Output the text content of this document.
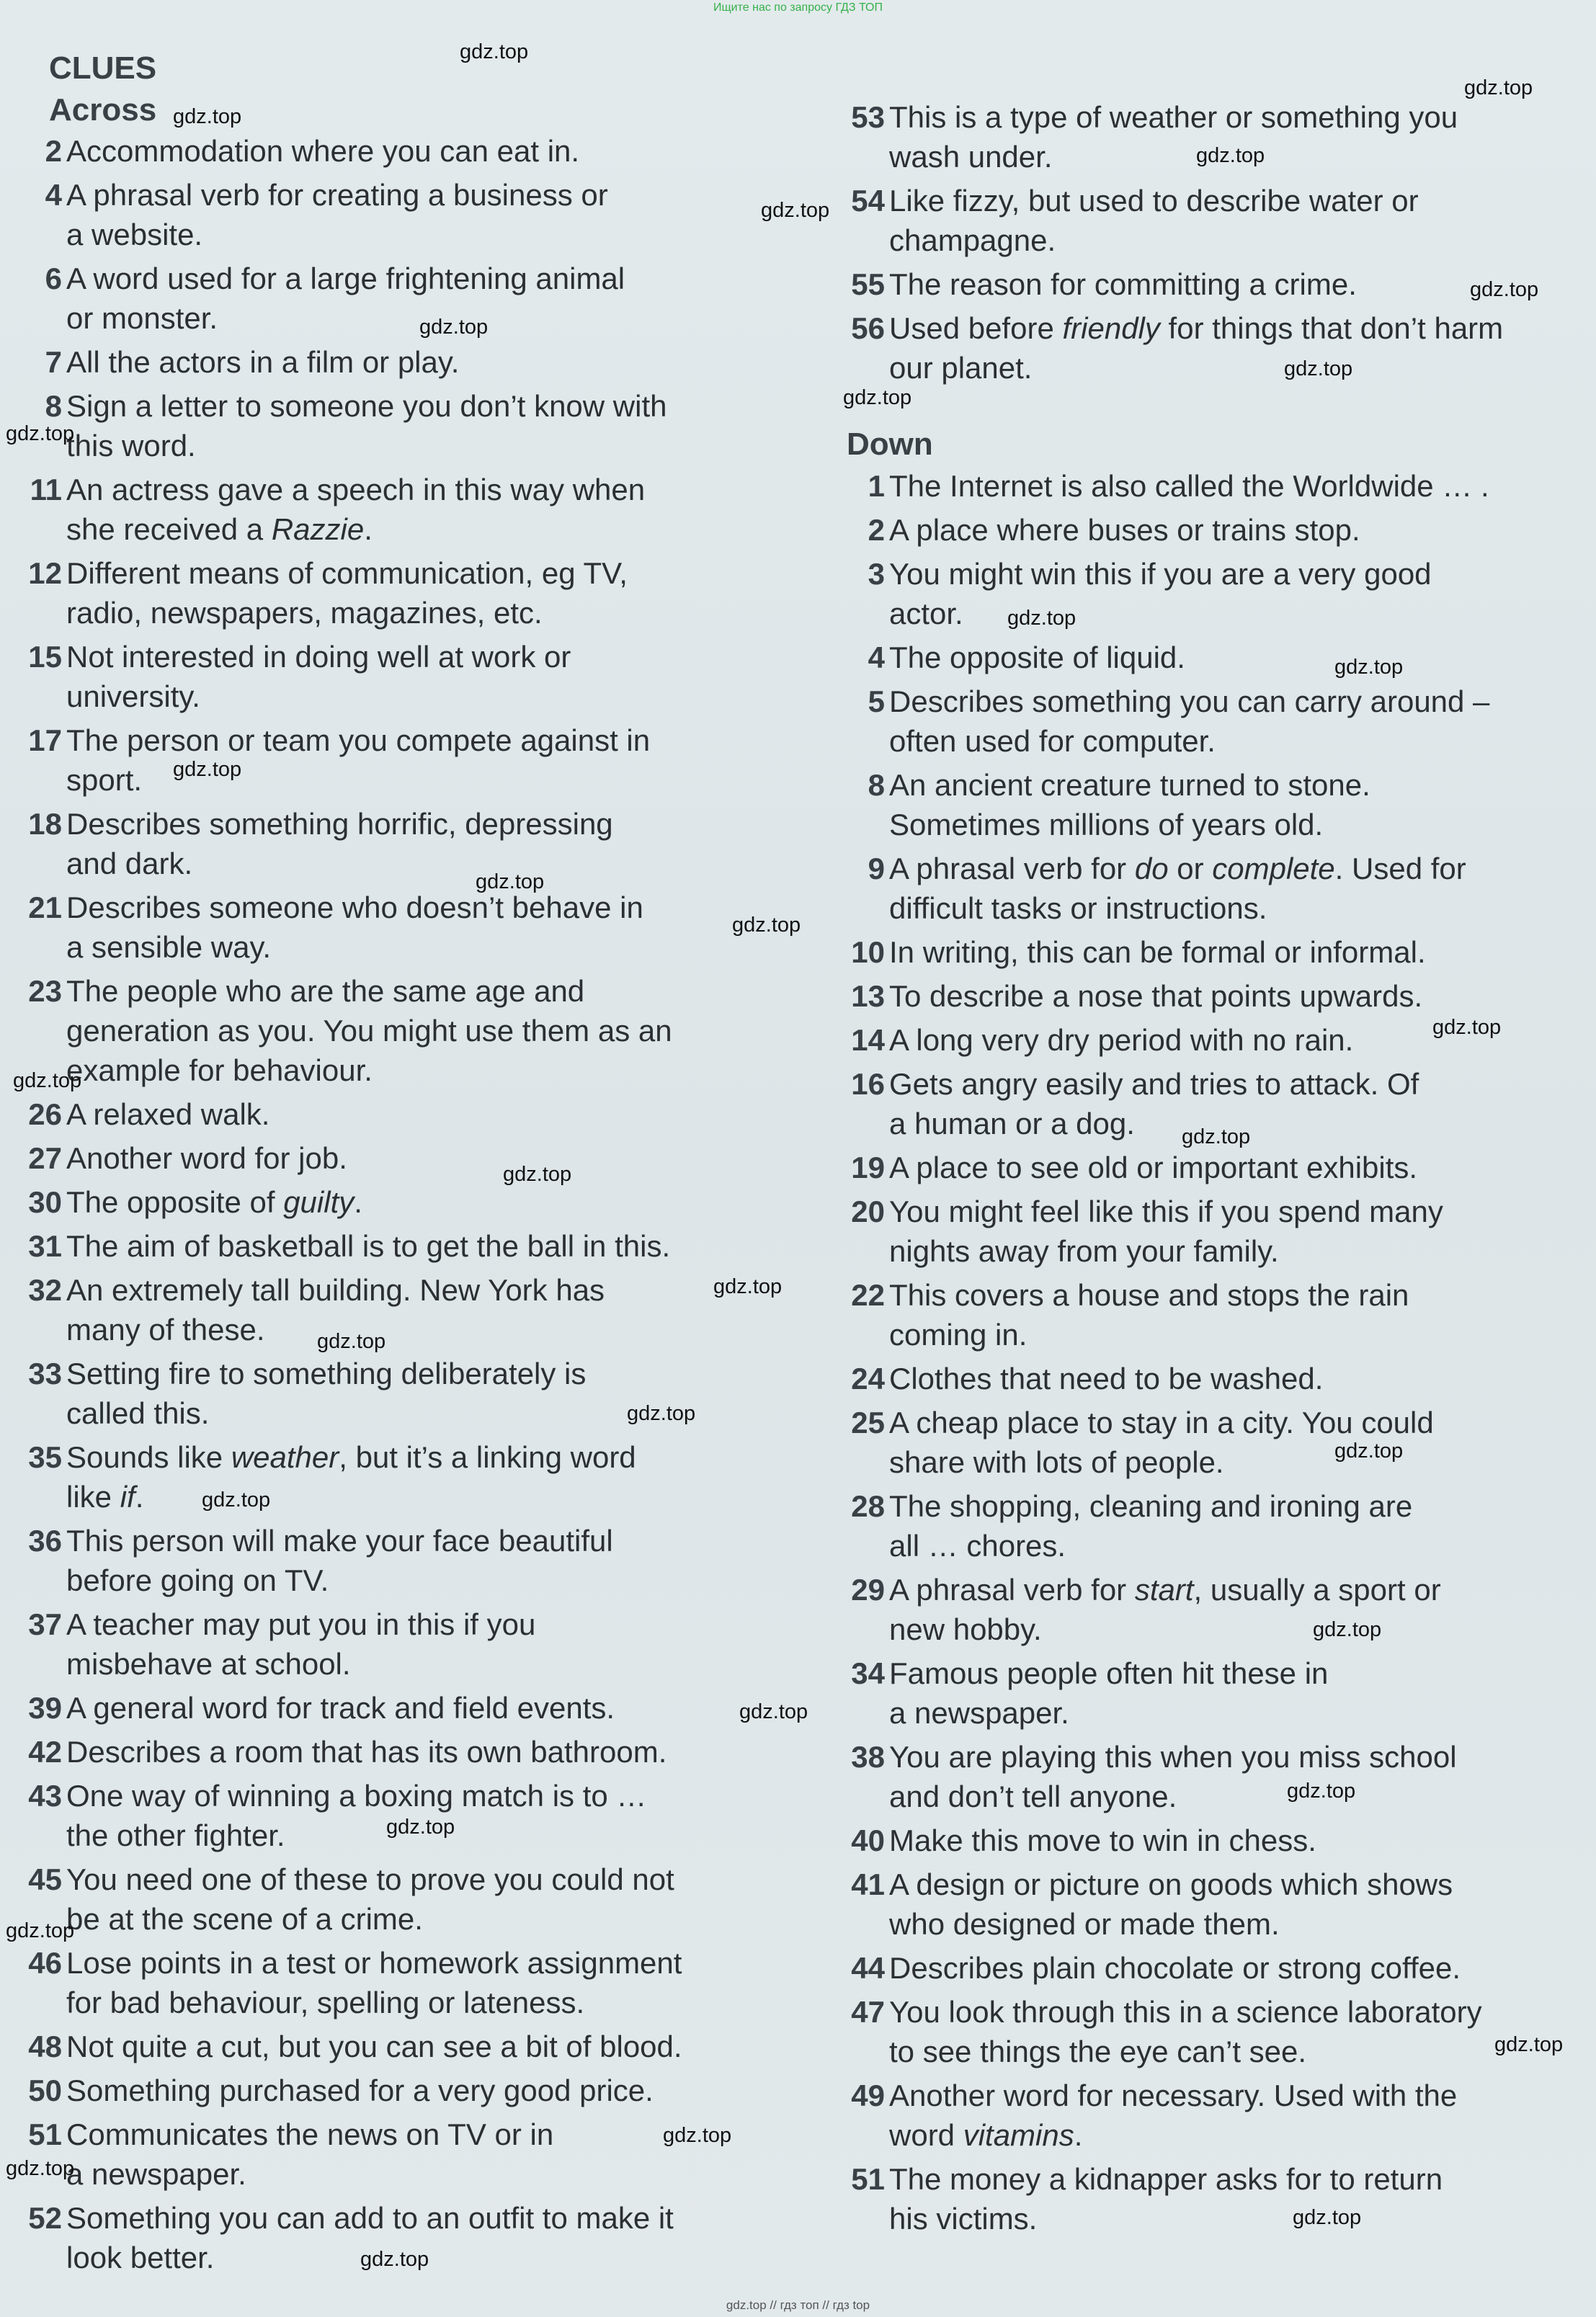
Ищите нас по запросу ГДЗ ТОП
CLUES
Across
Down
2 Accommodation where you can eat in.
4 A phrasal verb for creating a business or
a website.
6 A word used for a large frightening animal
or monster.
7 All the actors in a film or play.
8 Sign a letter to someone you don’t know with
this word.
11 An actress gave a speech in this way when
she received a Razzie.
12 Different means of communication, eg TV,
radio, newspapers, magazines, etc.
15 Not interested in doing well at work or
university.
17 The person or team you compete against in
sport.
18 Describes something horrific, depressing
and dark.
21 Describes someone who doesn’t behave in
a sensible way.
23 The people who are the same age and
generation as you. You might use them as an
example for behaviour.
26 A relaxed walk.
27 Another word for job.
30 The opposite of guilty.
31 The aim of basketball is to get the ball in this.
32 An extremely tall building. New York has
many of these.
33 Setting fire to something deliberately is
called this.
35 Sounds like weather, but it’s a linking word
like if.
36 This person will make your face beautiful
before going on TV.
37 A teacher may put you in this if you
misbehave at school.
39 A general word for track and field events.
42 Describes a room that has its own bathroom.
43 One way of winning a boxing match is to …
the other fighter.
45 You need one of these to prove you could not
be at the scene of a crime.
46 Lose points in a test or homework assignment
for bad behaviour, spelling or lateness.
48 Not quite a cut, but you can see a bit of blood.
50 Something purchased for a very good price.
51 Communicates the news on TV or in
a newspaper.
52 Something you can add to an outfit to make it
look better.
53 This is a type of weather or something you
wash under.
54 Like fizzy, but used to describe water or
champagne.
55 The reason for committing a crime.
56 Used before friendly for things that don’t harm
our planet.
1 The Internet is also called the Worldwide … .
2 A place where buses or trains stop.
3 You might win this if you are a very good
actor.
4 The opposite of liquid.
5 Describes something you can carry around –
often used for computer.
8 An ancient creature turned to stone.
Sometimes millions of years old.
9 A phrasal verb for do or complete. Used for
difficult tasks or instructions.
10 In writing, this can be formal or informal.
13 To describe a nose that points upwards.
14 A long very dry period with no rain.
16 Gets angry easily and tries to attack. Of
a human or a dog.
19 A place to see old or important exhibits.
20 You might feel like this if you spend many
nights away from your family.
22 This covers a house and stops the rain
coming in.
24 Clothes that need to be washed.
25 A cheap place to stay in a city. You could
share with lots of people.
28 The shopping, cleaning and ironing are
all … chores.
29 A phrasal verb for start, usually a sport or
new hobby.
34 Famous people often hit these in
a newspaper.
38 You are playing this when you miss school
and don’t tell anyone.
40 Make this move to win in chess.
41 A design or picture on goods which shows
who designed or made them.
44 Describes plain chocolate or strong coffee.
47 You look through this in a science laboratory
to see things the eye can’t see.
49 Another word for necessary. Used with the
word vitamins.
51 The money a kidnapper asks for to return
his victims.
gdz.top
gdz.top
gdz.top
gdz.top
gdz.top
gdz.top
gdz.top
gdz.top
gdz.top
gdz.top
gdz.top
gdz.top
gdz.top
gdz.top
gdz.top
gdz.top
gdz.top
gdz.top
gdz.top
gdz.top
gdz.top
gdz.top
gdz.top
gdz.top
gdz.top
gdz.top
gdz.top
gdz.top
gdz.top
gdz.top
gdz.top
gdz.top
gdz.top
gdz.top
gdz.top // гдз топ // гдз top
